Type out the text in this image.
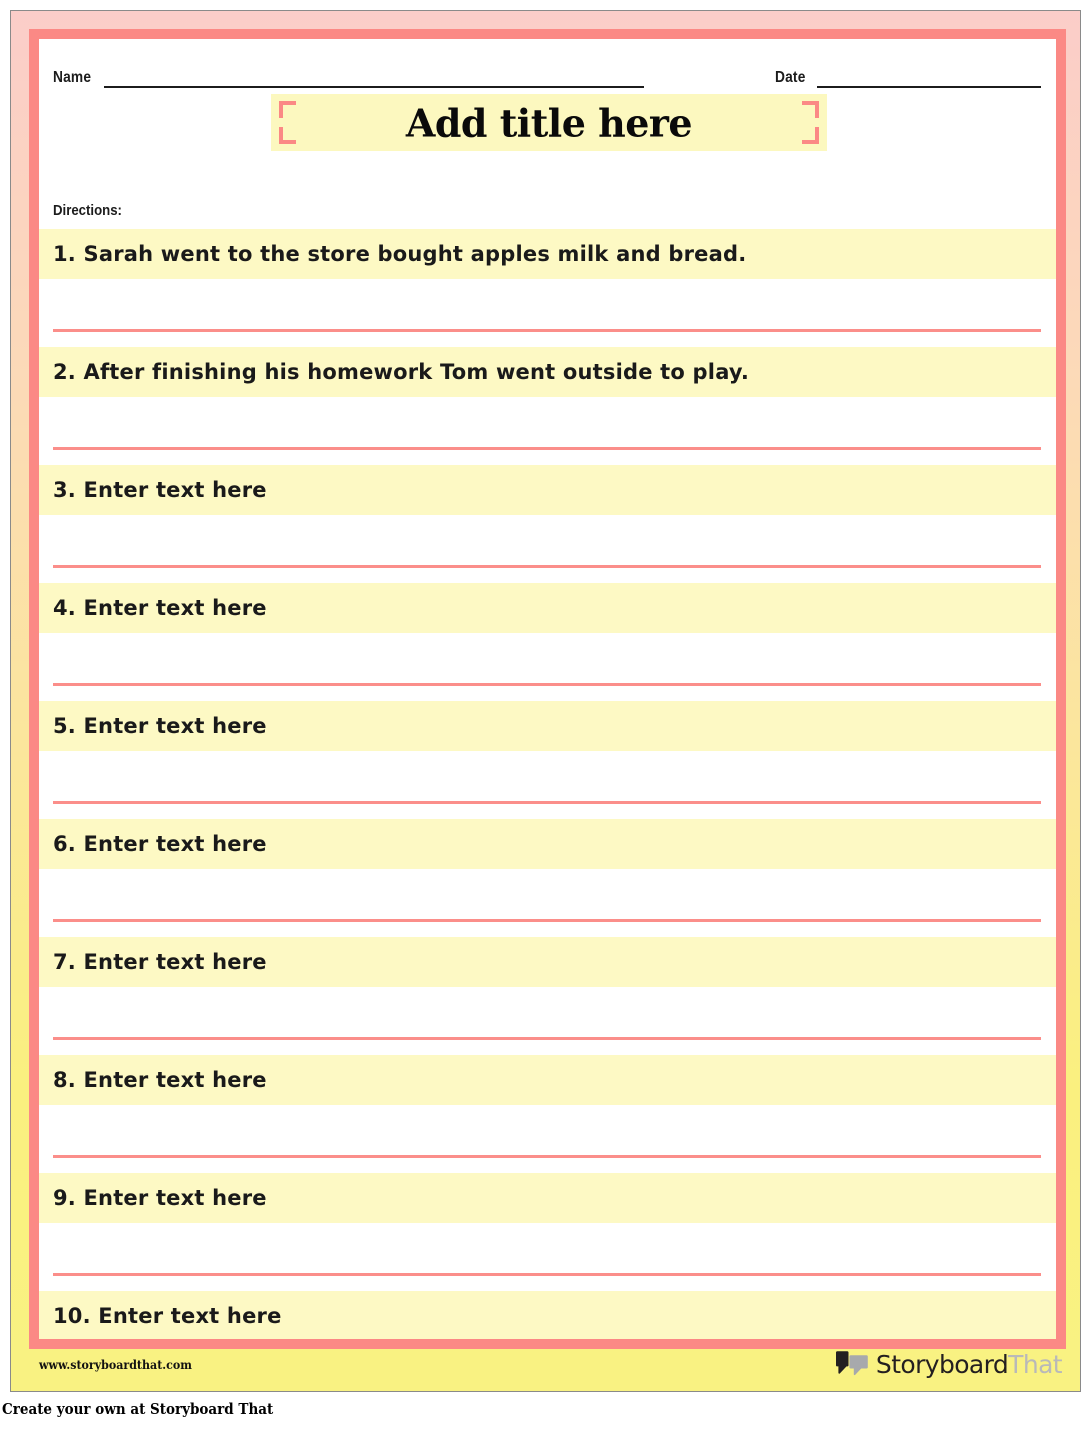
Name	Date
Add title here
Directions:
1. Sarah went to the store bought apples milk and bread.
2. After finishing his homework Tom went outside to play.
3. Enter text here
4. Enter text here
5. Enter text here
6. Enter text here
7. Enter text here
8. Enter text here
9. Enter text here
10. Enter text here
www.storyboardthat.com	StoryboardThat
Create your own at Storyboard That
